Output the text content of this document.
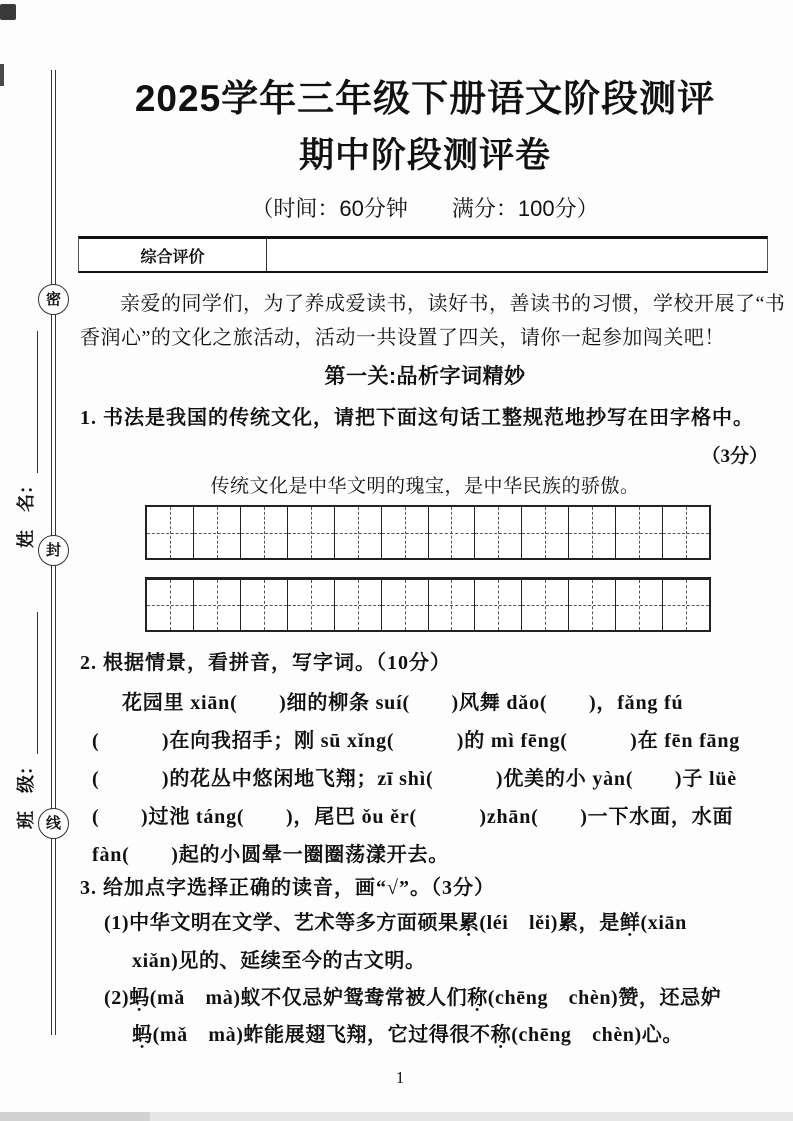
密
封
线
姓　名：
班　级：
2025学年三年级下册语文阶段测评
期中阶段测评卷
（时间：60分钟　　满分：100分）
综合评价
亲爱的同学们，为了养成爱读书，读好书，善读书的习惯，学校开展了“书
香润心”的文化之旅活动，活动一共设置了四关，请你一起参加闯关吧！
第一关:品析字词精妙
1. 书法是我国的传统文化，请把下面这句话工整规范地抄写在田字格中。
（3分）
传统文化是中华文明的瑰宝，是中华民族的骄傲。
2. 根据情景，看拼音，写字词。（10分）
花园里 xiān(　　)细的柳条 suí(　　)风舞 dǎo(　　)，fǎng fú
(　　　)在向我招手；刚 sū xǐng(　　　)的 mì fēng(　　　)在 fēn fāng
(　　　)的花丛中悠闲地飞翔；zī shì(　　　)优美的小 yàn(　　)子 lüè
(　　)过池 táng(　　)，尾巴 ǒu ěr(　　　)zhān(　　)一下水面，水面
fàn(　　)起的小圆晕一圈圈荡漾开去。
3. 给加点字选择正确的读音，画“√”。（3分）
(1)中华文明在文学、艺术等多方面硕果累(léi　lěi)累，是鲜(xiān
xiǎn)见的、延续至今的古文明。
(2)蚂(mǎ　mà)蚁不仅忌妒鸳鸯常被人们称(chēng　chèn)赞，还忌妒
蚂(mǎ　mà)蚱能展翅飞翔，它过得很不称(chēng　chèn)心。
1
